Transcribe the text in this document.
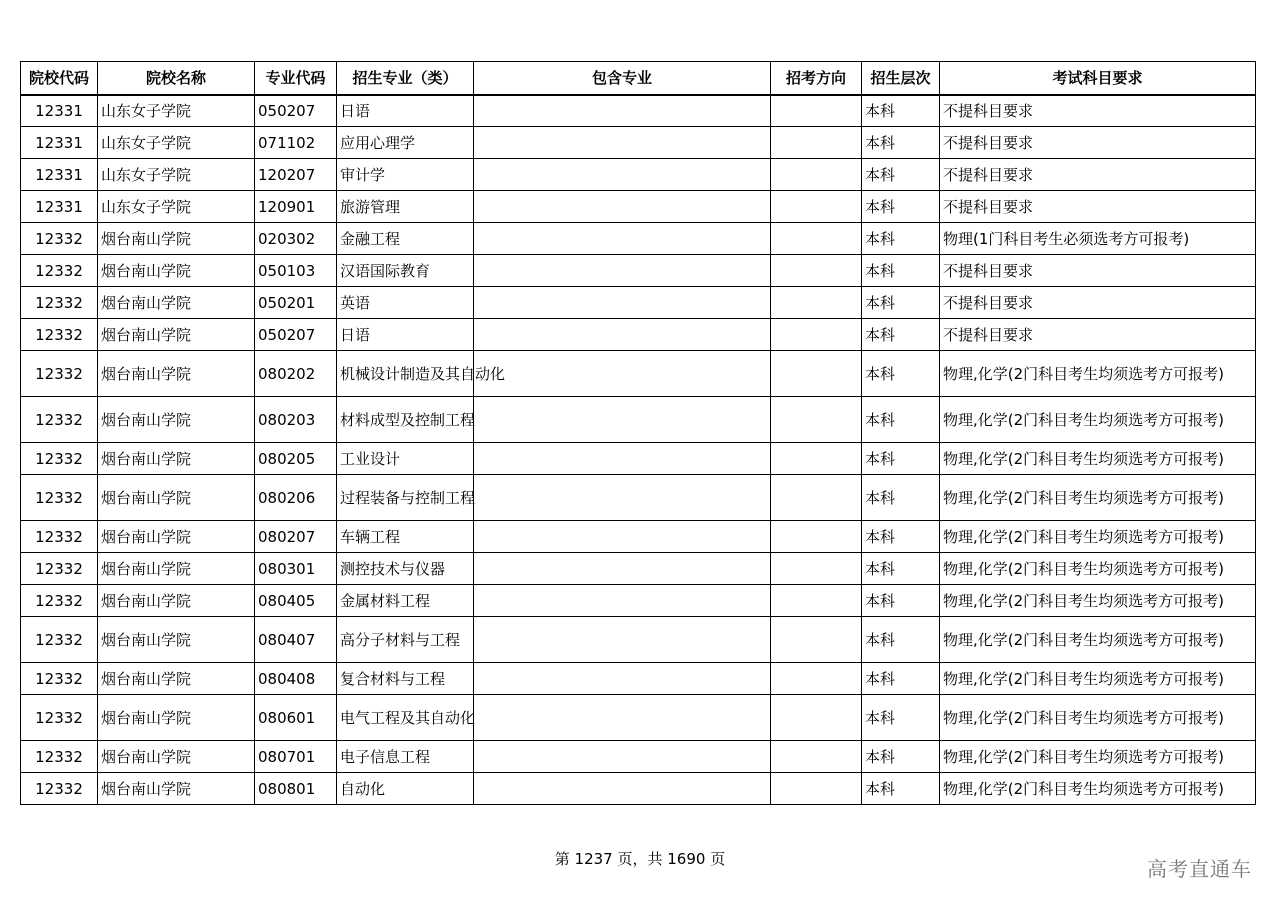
院校代码	院校名称	专业代码	招生专业（类）	包含专业	招考方向	招生层次	考试科目要求
12331	山东女子学院	050207	日语			本科	不提科目要求
12331	山东女子学院	071102	应用心理学			本科	不提科目要求
12331	山东女子学院	120207	审计学			本科	不提科目要求
12331	山东女子学院	120901	旅游管理			本科	不提科目要求
12332	烟台南山学院	020302	金融工程			本科	物理(1门科目考生必须选考方可报考)
12332	烟台南山学院	050103	汉语国际教育			本科	不提科目要求
12332	烟台南山学院	050201	英语			本科	不提科目要求
12332	烟台南山学院	050207	日语			本科	不提科目要求
12332	烟台南山学院	080202	机械设计制造及其自动化			本科	物理,化学(2门科目考生均须选考方可报考)
12332	烟台南山学院	080203	材料成型及控制工程			本科	物理,化学(2门科目考生均须选考方可报考)
12332	烟台南山学院	080205	工业设计			本科	物理,化学(2门科目考生均须选考方可报考)
12332	烟台南山学院	080206	过程装备与控制工程			本科	物理,化学(2门科目考生均须选考方可报考)
12332	烟台南山学院	080207	车辆工程			本科	物理,化学(2门科目考生均须选考方可报考)
12332	烟台南山学院	080301	测控技术与仪器			本科	物理,化学(2门科目考生均须选考方可报考)
12332	烟台南山学院	080405	金属材料工程			本科	物理,化学(2门科目考生均须选考方可报考)
12332	烟台南山学院	080407	高分子材料与工程			本科	物理,化学(2门科目考生均须选考方可报考)
12332	烟台南山学院	080408	复合材料与工程			本科	物理,化学(2门科目考生均须选考方可报考)
12332	烟台南山学院	080601	电气工程及其自动化			本科	物理,化学(2门科目考生均须选考方可报考)
12332	烟台南山学院	080701	电子信息工程			本科	物理,化学(2门科目考生均须选考方可报考)
12332	烟台南山学院	080801	自动化			本科	物理,化学(2门科目考生均须选考方可报考)
第 1237 页，共 1690 页	高考直通车
